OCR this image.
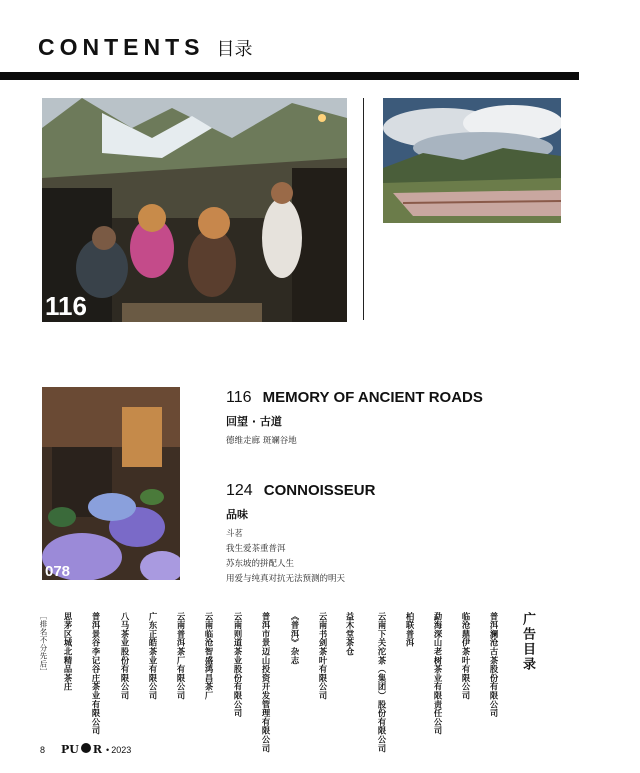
CONTENTS 目录
116
078
116 MEMORY OF ANCIENT ROADS
回望 · 古道
德维走廊 斑斓谷地
124 CONNOISSEUR
品味
斗茗
我生爱茶重普洱
苏东坡的拼配人生
用爱与纯真对抗无法预测的明天
广告目录
普洱澜沧古茶股份有限公司
临沧鼎伊茶叶有限公司
勐海深山老树茶业有限责任公司
柏联普洱
云南下关沱茶（集团）股份有限公司
益木堂茶仓
云南书剑茶叶有限公司
《普洱》杂志
普洱市景迈山投资开发管理有限公司
云南则道茶业股份有限公司
云南临沧智盛鸿昌茶厂
云南普洱茶厂有限公司
广东正皓茶业有限公司
八马茶业股份有限公司
普洱景谷李记谷庄茶业有限公司
思茅区城北精品茶庄
［排名不分先后］
8 PU R • 2023
